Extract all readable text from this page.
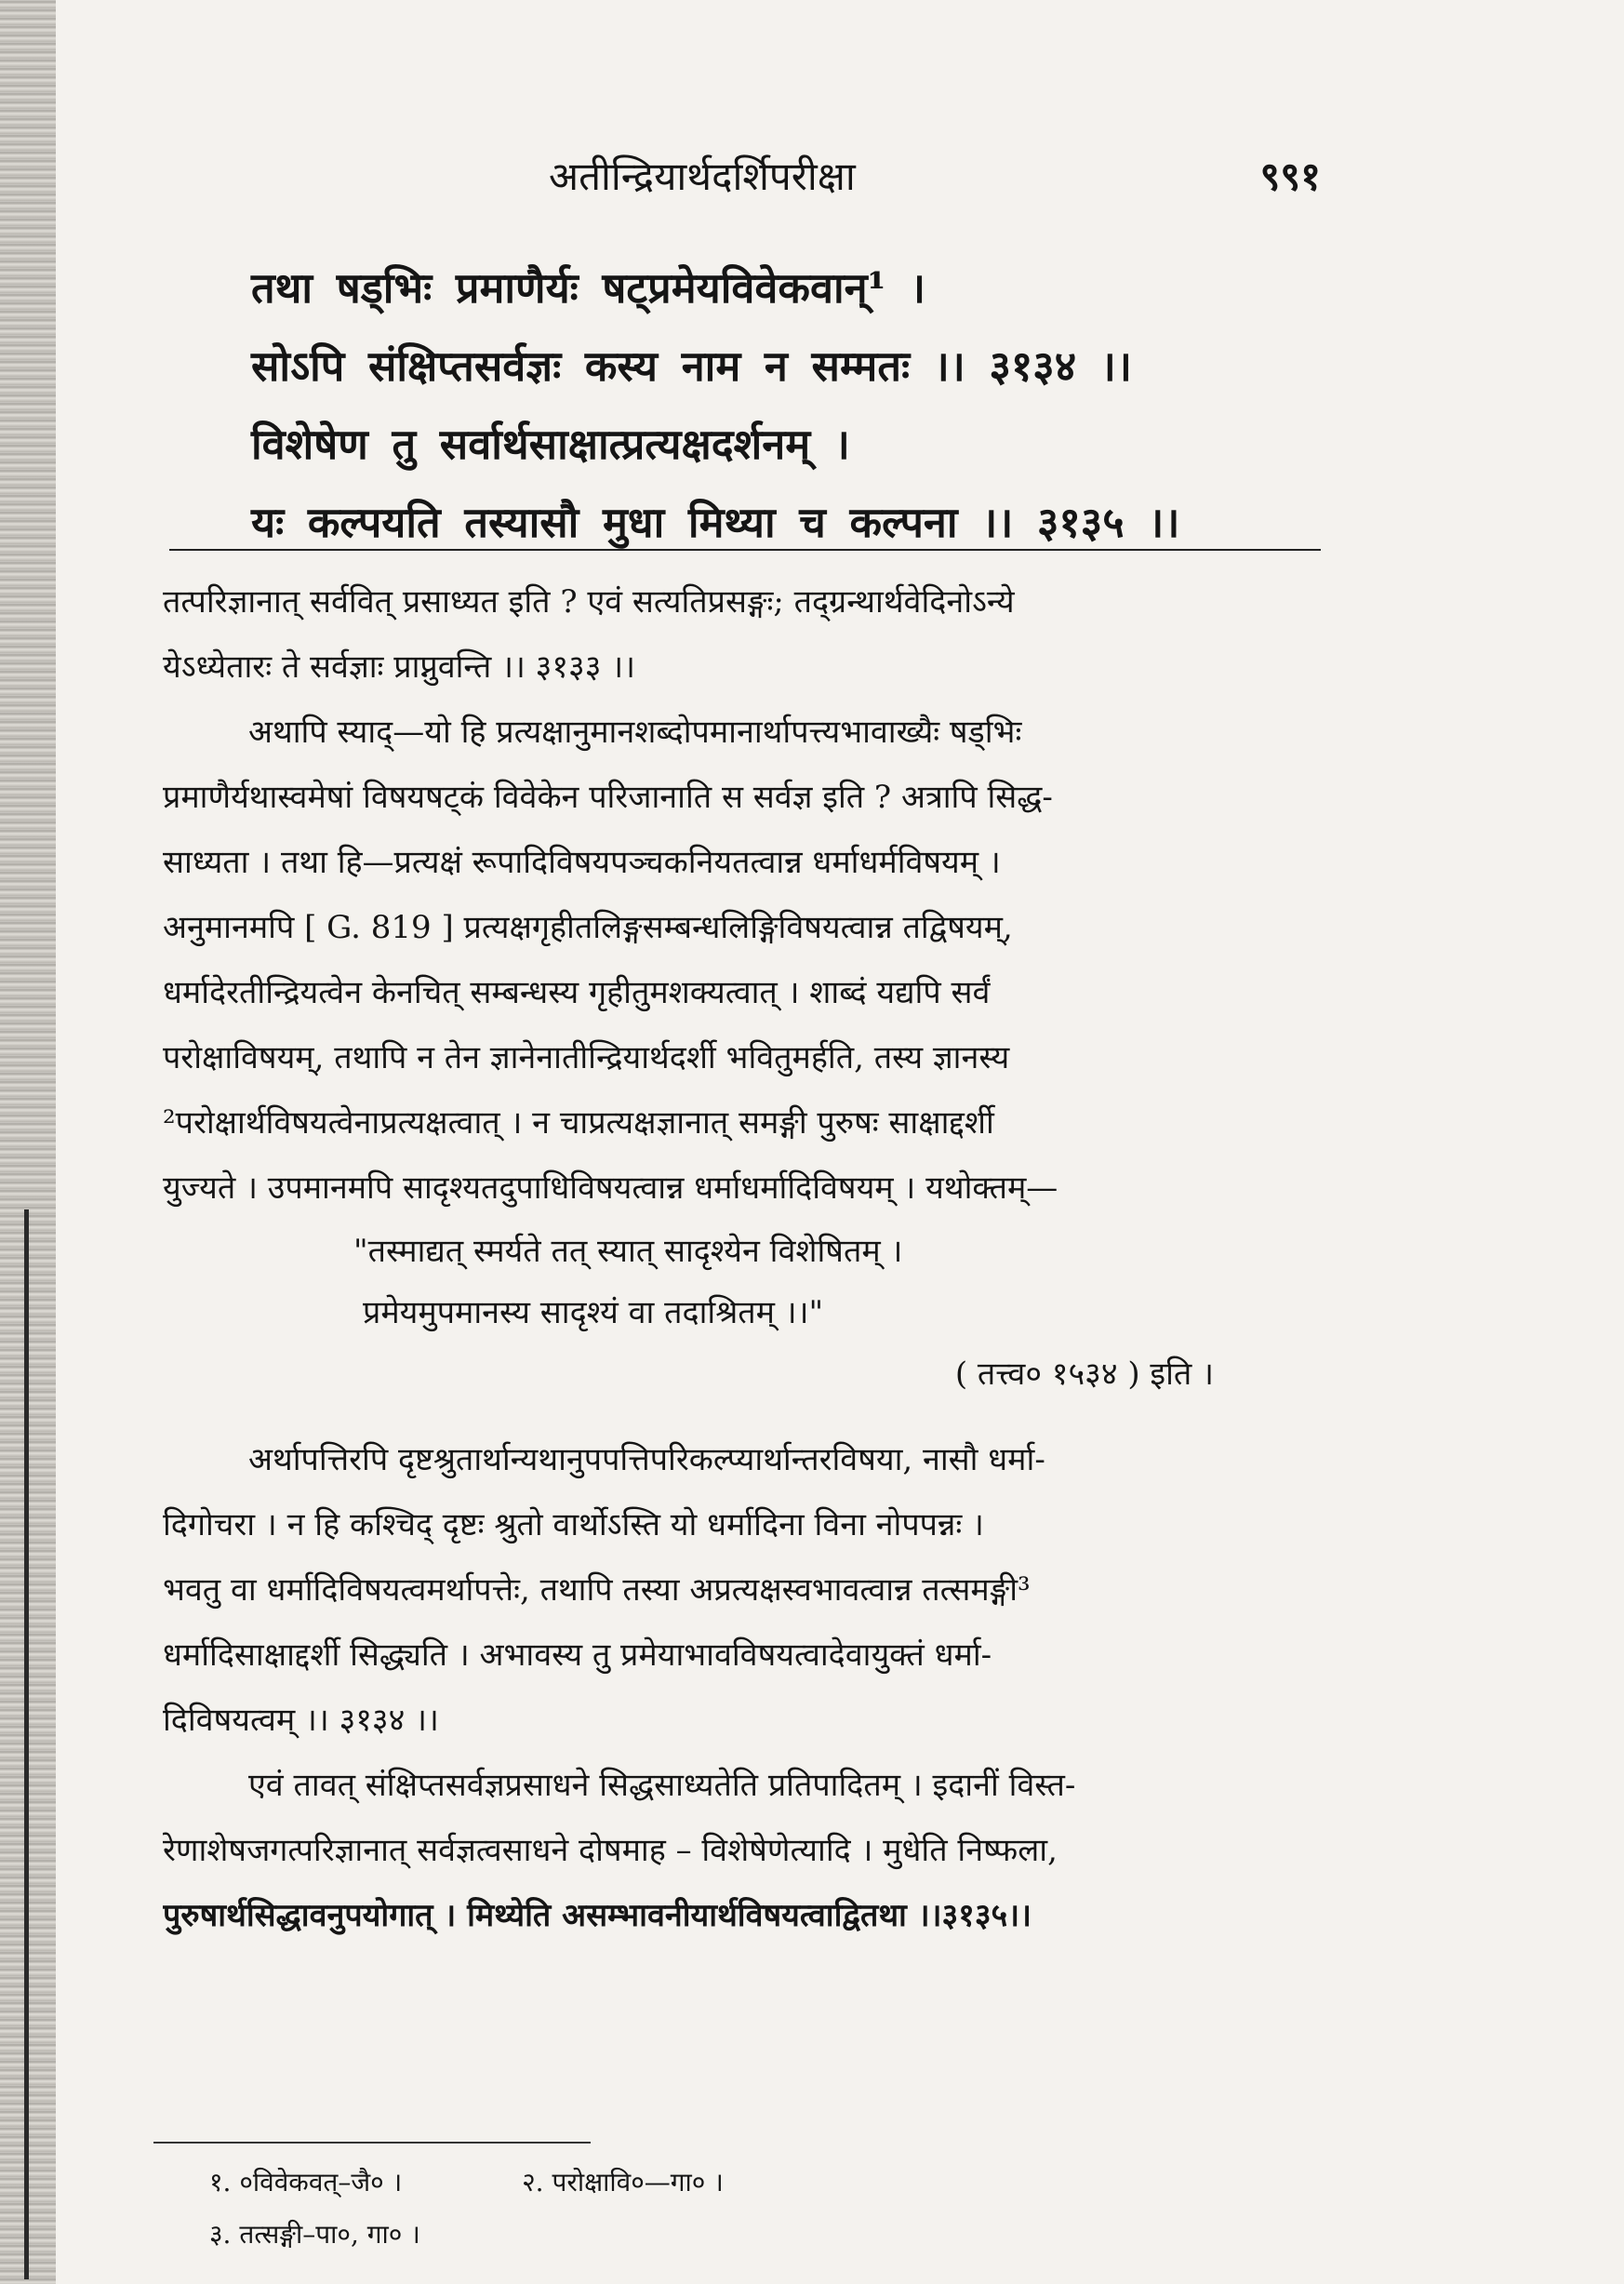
अतीन्द्रियार्थदर्शिपरीक्षा	९९१
तथा षड्भिः प्रमाणैर्यः षट्प्रमेयविवेकवान्¹ ।
सोऽपि संक्षिप्तसर्वज्ञः कस्य नाम न सम्मतः ।। ३१३४ ।।
विशेषेण तु सर्वार्थसाक्षात्प्रत्यक्षदर्शनम् ।
यः कल्पयति तस्यासौ मुधा मिथ्या च कल्पना ।। ३१३५ ।।
तत्परिज्ञानात् सर्ववित् प्रसाध्यत इति ? एवं सत्यतिप्रसङ्गः; तद्ग्रन्थार्थवेदिनोऽन्ये
येऽध्येतारः ते सर्वज्ञाः प्राप्नुवन्ति ।। ३१३३ ।।
अथापि स्याद्—यो हि प्रत्यक्षानुमानशब्दोपमानार्थापत्त्यभावाख्यैः षड्भिः
प्रमाणैर्यथास्वमेषां विषयषट्कं विवेकेन परिजानाति स सर्वज्ञ इति ? अत्रापि सिद्ध-
साध्यता । तथा हि—प्रत्यक्षं रूपादिविषयपञ्चकनियतत्वान्न धर्माधर्मविषयम् ।
अनुमानमपि [ G. 819 ] प्रत्यक्षगृहीतलिङ्गसम्बन्धलिङ्गिविषयत्वान्न तद्विषयम्,
धर्मादेरतीन्द्रियत्वेन केनचित् सम्बन्धस्य गृहीतुमशक्यत्वात् । शाब्दं यद्यपि सर्वं
परोक्षाविषयम्, तथापि न तेन ज्ञानेनातीन्द्रियार्थदर्शी भवितुमर्हति, तस्य ज्ञानस्य
²परोक्षार्थविषयत्वेनाप्रत्यक्षत्वात् । न चाप्रत्यक्षज्ञानात् समङ्गी पुरुषः साक्षाद्दर्शी
युज्यते । उपमानमपि सादृश्यतदुपाधिविषयत्वान्न धर्माधर्मादिविषयम् । यथोक्तम्—
"तस्माद्यत् स्मर्यते तत् स्यात् सादृश्येन विशेषितम् ।
प्रमेयमुपमानस्य सादृश्यं वा तदाश्रितम् ।।"
( तत्त्व० १५३४ ) इति ।
अर्थापत्तिरपि दृष्टश्रुतार्थान्यथानुपपत्तिपरिकल्प्यार्थान्तरविषया, नासौ धर्मा-
दिगोचरा । न हि कश्चिद् दृष्टः श्रुतो वार्थोऽस्ति यो धर्मादिना विना नोपपन्नः ।
भवतु वा धर्मादिविषयत्वमर्थापत्तेः, तथापि तस्या अप्रत्यक्षस्वभावत्वान्न तत्समङ्गी³
धर्मादिसाक्षाद्दर्शी सिद्ध्यति । अभावस्य तु प्रमेयाभावविषयत्वादेवायुक्तं धर्मा-
दिविषयत्वम् ।। ३१३४ ।।
एवं तावत् संक्षिप्तसर्वज्ञप्रसाधने सिद्धसाध्यतेति प्रतिपादितम् । इदानीं विस्त-
रेणाशेषजगत्परिज्ञानात् सर्वज्ञत्वसाधने दोषमाह – विशेषेणेत्यादि । मुधेति निष्फला,
पुरुषार्थसिद्धावनुपयोगात् । मिथ्येति असम्भावनीयार्थविषयत्वाद्वितथा ।।३१३५।।
१. ०विवेकवत्–जै० ।	२. परोक्षावि०—गा० ।
३. तत्सङ्गी–पा०, गा० ।
